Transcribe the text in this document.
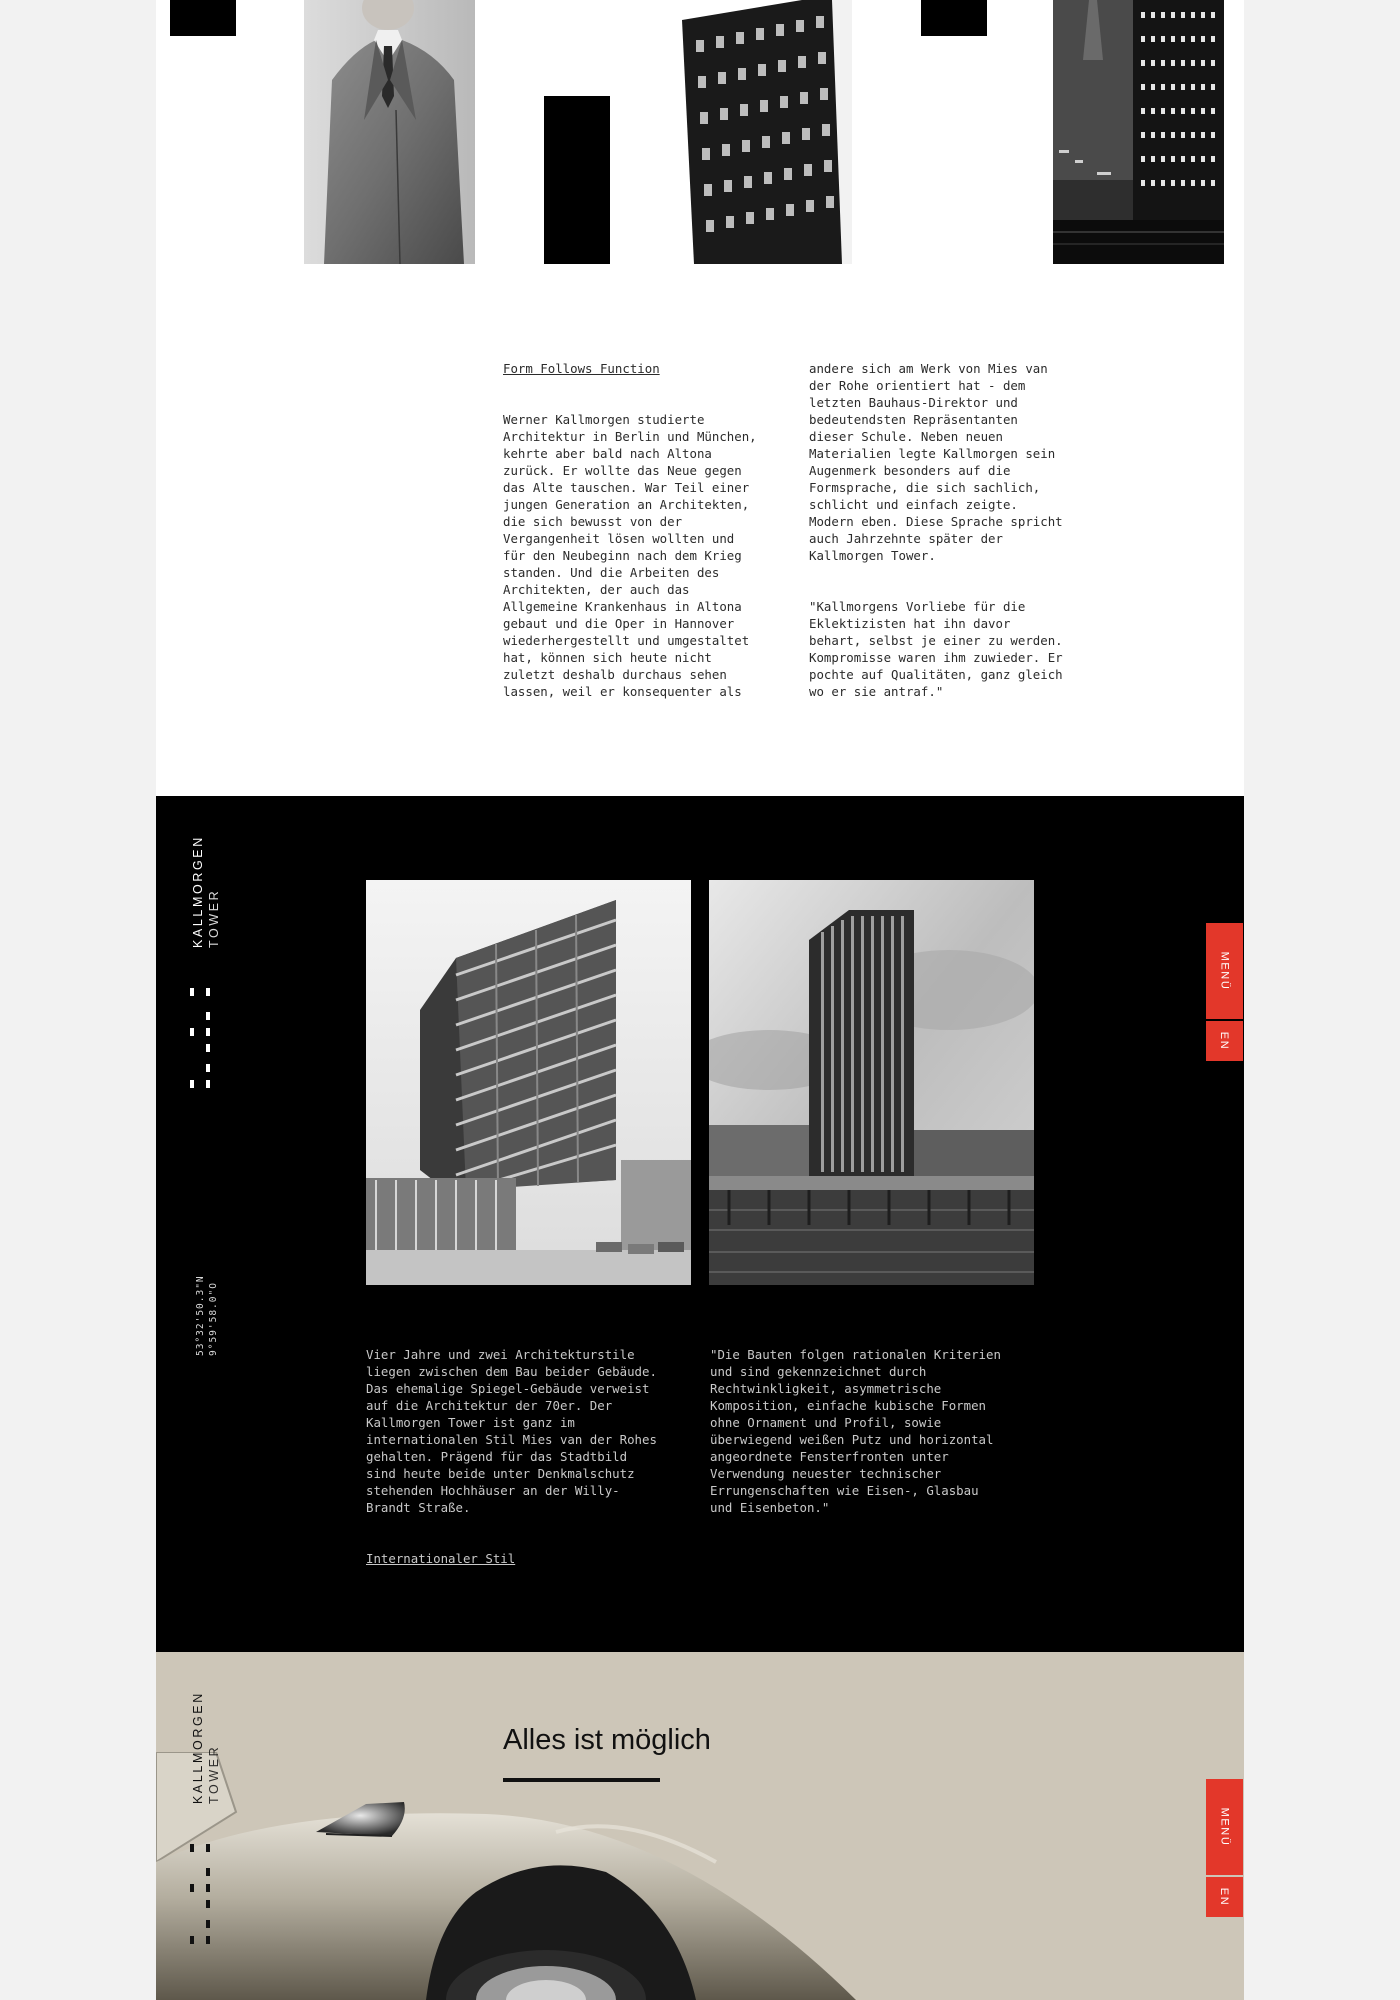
Form Follows Function

Werner Kallmorgen studierte
Architektur in Berlin und München,
kehrte aber bald nach Altona
zurück. Er wollte das Neue gegen
das Alte tauschen. War Teil einer
jungen Generation an Architekten,
die sich bewusst von der
Vergangenheit lösen wollten und
für den Neubeginn nach dem Krieg
standen. Und die Arbeiten des
Architekten, der auch das
Allgemeine Krankenhaus in Altona
gebaut und die Oper in Hannover
wiederhergestellt und umgestaltet
hat, können sich heute nicht
zuletzt deshalb durchaus sehen
lassen, weil er konsequenter als

andere sich am Werk von Mies van
der Rohe orientiert hat - dem
letzten Bauhaus-Direktor und
bedeutendsten Repräsentanten
dieser Schule. Neben neuen
Materialien legte Kallmorgen sein
Augenmerk besonders auf die
Formsprache, die sich sachlich,
schlicht und einfach zeigte.
Modern eben. Diese Sprache spricht
auch Jahrzehnte später der
Kallmorgen Tower.

"Kallmorgens Vorliebe für die
Eklektizisten hat ihn davor
behart, selbst je einer zu werden.
Kompromisse waren ihm zuwieder. Er
pochte auf Qualitäten, ganz gleich
wo er sie antraf."

KALLMORGEN TOWER
53°32'50.3"N 9°59'58.0"O	Vier Jahre und zwei Architekturstile
liegen zwischen dem Bau beider Gebäude.
Das ehemalige Spiegel-Gebäude verweist
auf die Architektur der 70er. Der
Kallmorgen Tower ist ganz im
internationalen Stil Mies van der Rohes
gehalten. Prägend für das Stadtbild
sind heute beide unter Denkmalschutz
stehenden Hochhäuser an der Willy-
Brandt Straße.

Internationaler Stil

"Die Bauten folgen rationalen Kriterien
und sind gekennzeichnet durch
Rechtwinkligkeit, asymmetrische
Komposition, einfache kubische Formen
ohne Ornament und Profil, sowie
überwiegend weißen Putz und horizontal
angeordnete Fensterfronten unter
Verwendung neuester technischer
Errungenschaften wie Eisen-, Glasbau
und Eisenbeton."

MENÜ
EN
Alles ist möglich
KALLMORGEN TOWER
MENÜ
EN
